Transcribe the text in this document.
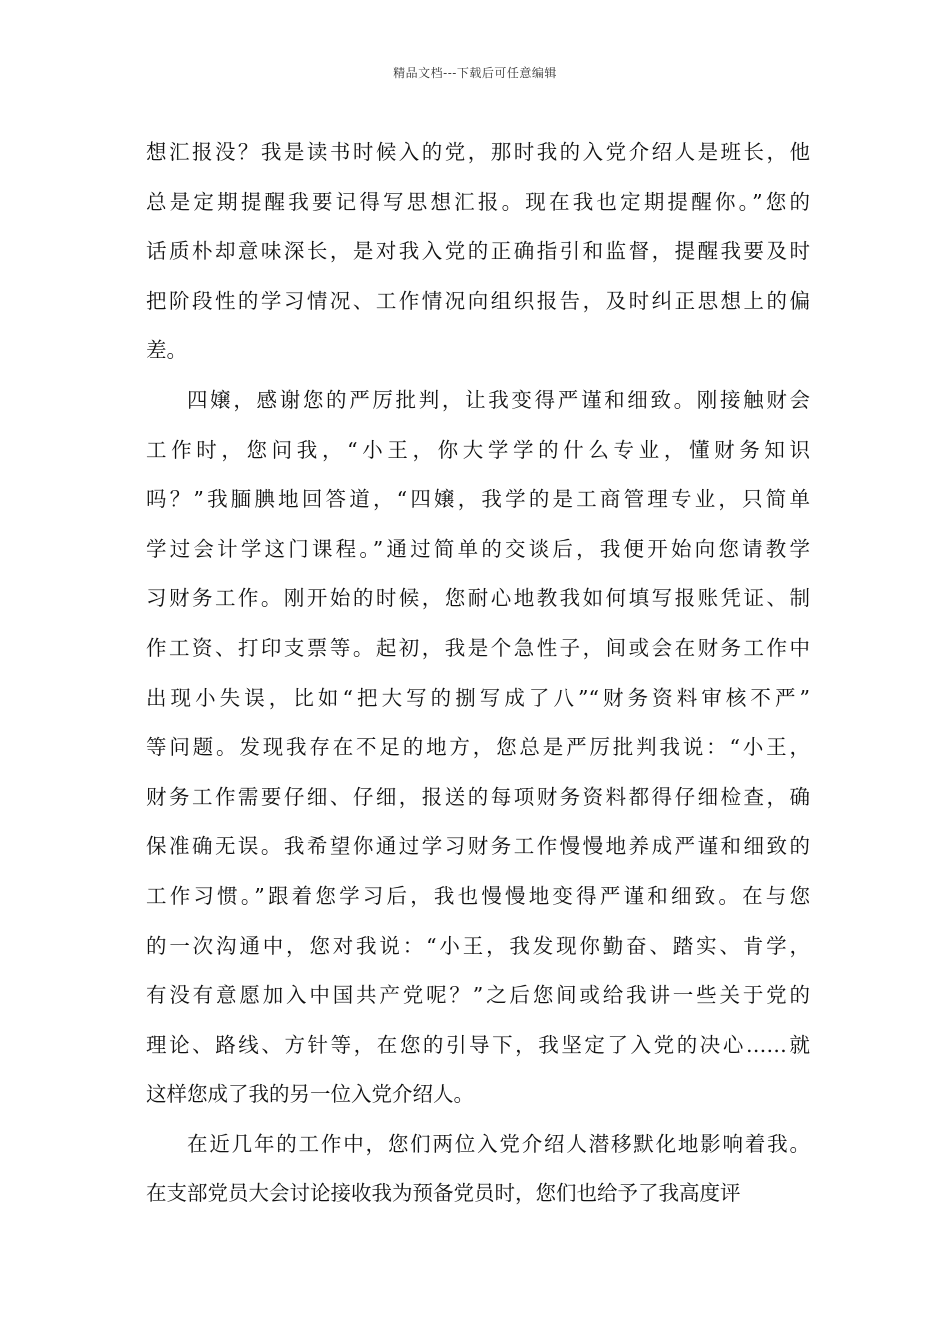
精品文档---下载后可任意编辑
想汇报没？我是读书时候入的党，那时我的入党介绍人是班长，他
总是定期提醒我要记得写思想汇报。现在我也定期提醒你。”您的
话质朴却意味深长，是对我入党的正确指引和监督，提醒我要及时
把阶段性的学习情况、工作情况向组织报告，及时纠正思想上的偏
差。
四嬢，感谢您的严厉批判，让我变得严谨和细致。刚接触财会
工作时，您问我，“小王，你大学学的什么专业，懂财务知识
吗？”我腼腆地回答道，“四嬢，我学的是工商管理专业，只简单
学过会计学这门课程。”通过简单的交谈后，我便开始向您请教学
习财务工作。刚开始的时候，您耐心地教我如何填写报账凭证、制
作工资、打印支票等。起初，我是个急性子，间或会在财务工作中
出现小失误，比如“把大写的捌写成了八”“财务资料审核不严”
等问题。发现我存在不足的地方，您总是严厉批判我说：“小王，
财务工作需要仔细、仔细，报送的每项财务资料都得仔细检查，确
保准确无误。我希望你通过学习财务工作慢慢地养成严谨和细致的
工作习惯。”跟着您学习后，我也慢慢地变得严谨和细致。在与您
的一次沟通中，您对我说：“小王，我发现你勤奋、踏实、肯学，
有没有意愿加入中国共产党呢？”之后您间或给我讲一些关于党的
理论、路线、方针等，在您的引导下，我坚定了入党的决心……就
这样您成了我的另一位入党介绍人。
在近几年的工作中，您们两位入党介绍人潜移默化地影响着我。
在支部党员大会讨论接收我为预备党员时，您们也给予了我高度评
